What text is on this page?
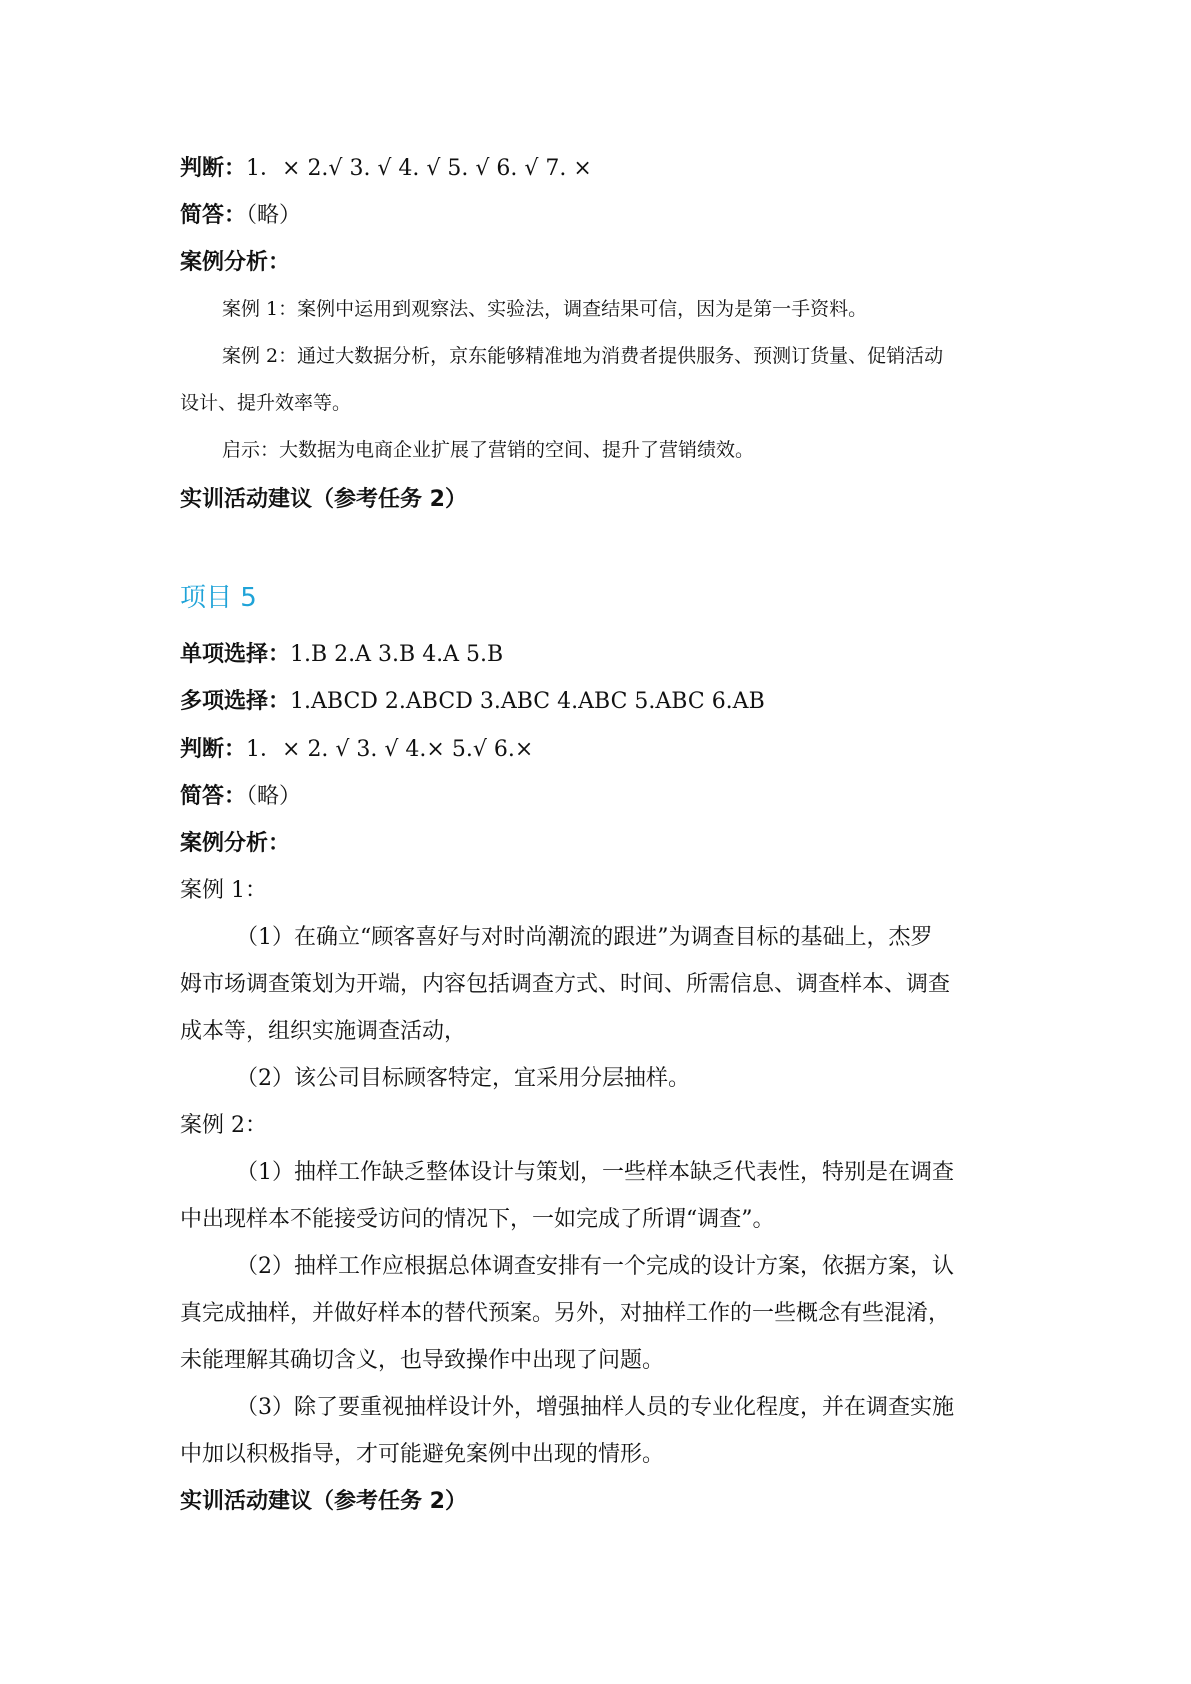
判断：1．× 2.√ 3. √ 4. √ 5. √ 6. √ 7. ×
简答：（略）
案例分析：
案例 1：案例中运用到观察法、实验法，调查结果可信，因为是第一手资料。
案例 2：通过大数据分析，京东能够精准地为消费者提供服务、预测订货量、促销活动
设计、提升效率等。
启示：大数据为电商企业扩展了营销的空间、提升了营销绩效。
实训活动建议（参考任务 2）
项目 5
单项选择：1.B 2.A 3.B 4.A 5.B
多项选择：1.ABCD 2.ABCD 3.ABC 4.ABC 5.ABC 6.AB
判断：1．× 2. √ 3. √ 4.× 5.√ 6.×
简答：（略）
案例分析：
案例 1：
（1）在确立“顾客喜好与对时尚潮流的跟进”为调查目标的基础上，杰罗
姆市场调查策划为开端，内容包括调查方式、时间、所需信息、调查样本、调查
成本等，组织实施调查活动，
（2）该公司目标顾客特定，宜采用分层抽样。
案例 2：
（1）抽样工作缺乏整体设计与策划，一些样本缺乏代表性，特别是在调查
中出现样本不能接受访问的情况下，一如完成了所谓“调查”。
（2）抽样工作应根据总体调查安排有一个完成的设计方案，依据方案，认
真完成抽样，并做好样本的替代预案。另外，对抽样工作的一些概念有些混淆，
未能理解其确切含义，也导致操作中出现了问题。
（3）除了要重视抽样设计外，增强抽样人员的专业化程度，并在调查实施
中加以积极指导，才可能避免案例中出现的情形。
实训活动建议（参考任务 2）
